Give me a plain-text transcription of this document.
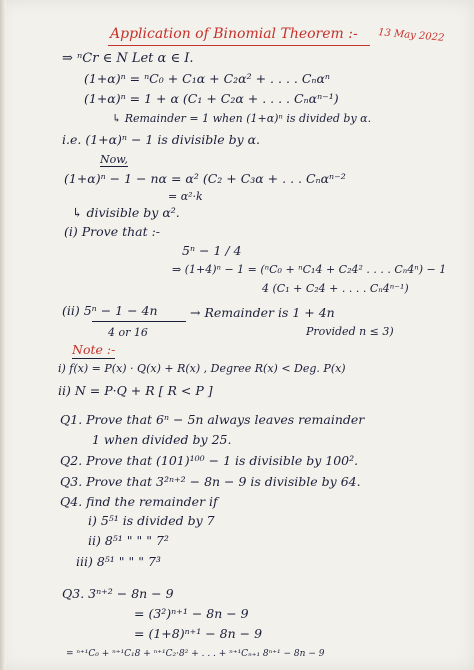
Application of Binomial Theorem :- 13 May 2022
⇒ ⁿCr ∈ N Let α ∈ I.
(1+α)ⁿ = ⁿC₀ + C₁α + C₂α² + . . . . Cₙαⁿ
(1+α)ⁿ = 1 + α (C₁ + C₂α + . . . . Cₙαⁿ⁻¹)
↳ Remainder = 1 when (1+α)ⁿ is divided by α.
i.e. (1+α)ⁿ − 1 is divisible by α.
Now,
(1+α)ⁿ − 1 − nα = α² (C₂ + C₃α + . . . Cₙαⁿ⁻²
= α²·k
↳ divisible by α².
(i) Prove that :-
5ⁿ − 1 / 4
⇒ (1+4)ⁿ − 1 = (ⁿC₀ + ⁿC₁4 + C₂4² . . . . Cₙ4ⁿ) − 1
4 (C₁ + C₂4 + . . . . Cₙ4ⁿ⁻¹)
(ii) 5ⁿ − 1 − 4n
4 or 16
→ Remainder is 1 + 4n
Provided n ≤ 3)
Note :-
i) f(x) = P(x) · Q(x) + R(x) , Degree R(x) < Deg. P(x)
ii) N = P·Q + R [ R < P ]
Q1. Prove that 6ⁿ − 5n always leaves remainder
1 when divided by 25.
Q2. Prove that (101)¹⁰⁰ − 1 is divisible by 100².
Q3. Prove that 3²ⁿ⁺² − 8n − 9 is divisible by 64.
Q4. find the remainder if
i) 5⁵¹ is divided by 7
ii) 8⁵¹ " " " 7²
iii) 8⁵¹ " " " 7³
Q3. 3ⁿ⁺² − 8n − 9
= (3²)ⁿ⁺¹ − 8n − 9
= (1+8)ⁿ⁺¹ − 8n − 9
= ⁿ⁺¹C₀ + ⁿ⁺¹C₁8 + ⁿ⁺¹C₂·8² + . . . + ⁿ⁺¹Cₙ₊₁ 8ⁿ⁺¹ − 8n − 9
